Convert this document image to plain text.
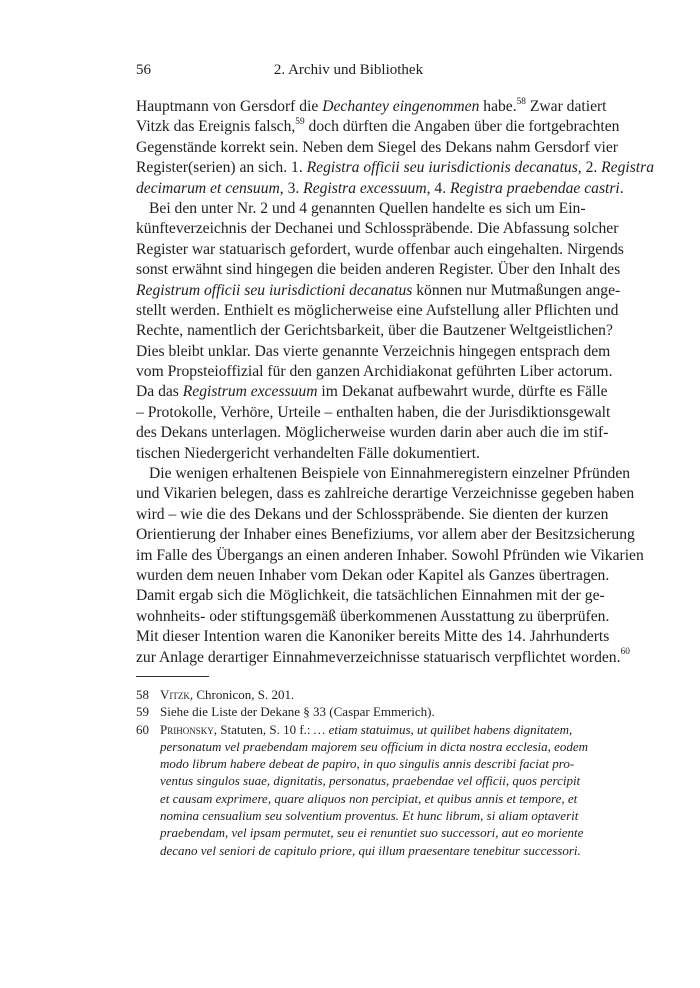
56	2. Archiv und Bibliothek
Hauptmann von Gersdorf die Dechantey eingenommen habe.$^{58}$ Zwar datiert
Vitzk das Ereignis falsch,$^{59}$ doch dürften die Angaben über die fortgebrachten
Gegenstände korrekt sein. Neben dem Siegel des Dekans nahm Gersdorf vier
Register(serien) an sich. 1. Registra officii seu iurisdictionis decanatus, 2. Registra
decimarum et censuum, 3. Registra excessuum, 4. Registra praebendae castri.
Bei den unter Nr. 2 und 4 genannten Quellen handelte es sich um Ein-
künfteverzeichnis der Dechanei und Schlosspräbende. Die Abfassung solcher
Register war statuarisch gefordert, wurde offenbar auch eingehalten. Nirgends
sonst erwähnt sind hingegen die beiden anderen Register. Über den Inhalt des
Registrum officii seu iurisdictioni decanatus können nur Mutmaßungen ange-
stellt werden. Enthielt es möglicherweise eine Aufstellung aller Pflichten und
Rechte, namentlich der Gerichtsbarkeit, über die Bautzener Weltgeistlichen?
Dies bleibt unklar. Das vierte genannte Verzeichnis hingegen entsprach dem
vom Propsteioffizial für den ganzen Archidiakonat geführten Liber actorum.
Da das Registrum excessuum im Dekanat aufbewahrt wurde, dürfte es Fälle
– Protokolle, Verhöre, Urteile – enthalten haben, die der Jurisdiktionsgewalt
des Dekans unterlagen. Möglicherweise wurden darin aber auch die im stif-
tischen Niedergericht verhandelten Fälle dokumentiert.
Die wenigen erhaltenen Beispiele von Einnahmeregistern einzelner Pfründen
und Vikarien belegen, dass es zahlreiche derartige Verzeichnisse gegeben haben
wird – wie die des Dekans und der Schlosspräbende. Sie dienten der kurzen
Orientierung der Inhaber eines Benefiziums, vor allem aber der Besitzsicherung
im Falle des Übergangs an einen anderen Inhaber. Sowohl Pfründen wie Vikarien
wurden dem neuen Inhaber vom Dekan oder Kapitel als Ganzes übertragen.
Damit ergab sich die Möglichkeit, die tatsächlichen Einnahmen mit der ge-
wohnheits- oder stiftungsgemäß überkommenen Ausstattung zu überprüfen.
Mit dieser Intention waren die Kanoniker bereits Mitte des 14. Jahrhunderts
zur Anlage derartiger Einnahmeverzeichnisse statuarisch verpflichtet worden.$^{60}$
58 Vitzk, Chronicon, S. 201.
59 Siehe die Liste der Dekane § 33 (Caspar Emmerich).
60 Prihonsky, Statuten, S. 10 f.: … etiam statuimus, ut quilibet habens dignitatem,
personatum vel praebendam majorem seu officium in dicta nostra ecclesia, eodem
modo librum habere debeat de papiro, in quo singulis annis describi faciat pro-
ventus singulos suae, dignitatis, personatus, praebendae vel officii, quos percipit
et causam exprimere, quare aliquos non percipiat, et quibus annis et tempore, et
nomina censualium seu solventium proventus. Et hunc librum, si aliam optaverit
praebendam, vel ipsam permutet, seu ei renuntiet suo successori, aut eo moriente
decano vel seniori de capitulo priore, qui illum praesentare tenebitur successori.
